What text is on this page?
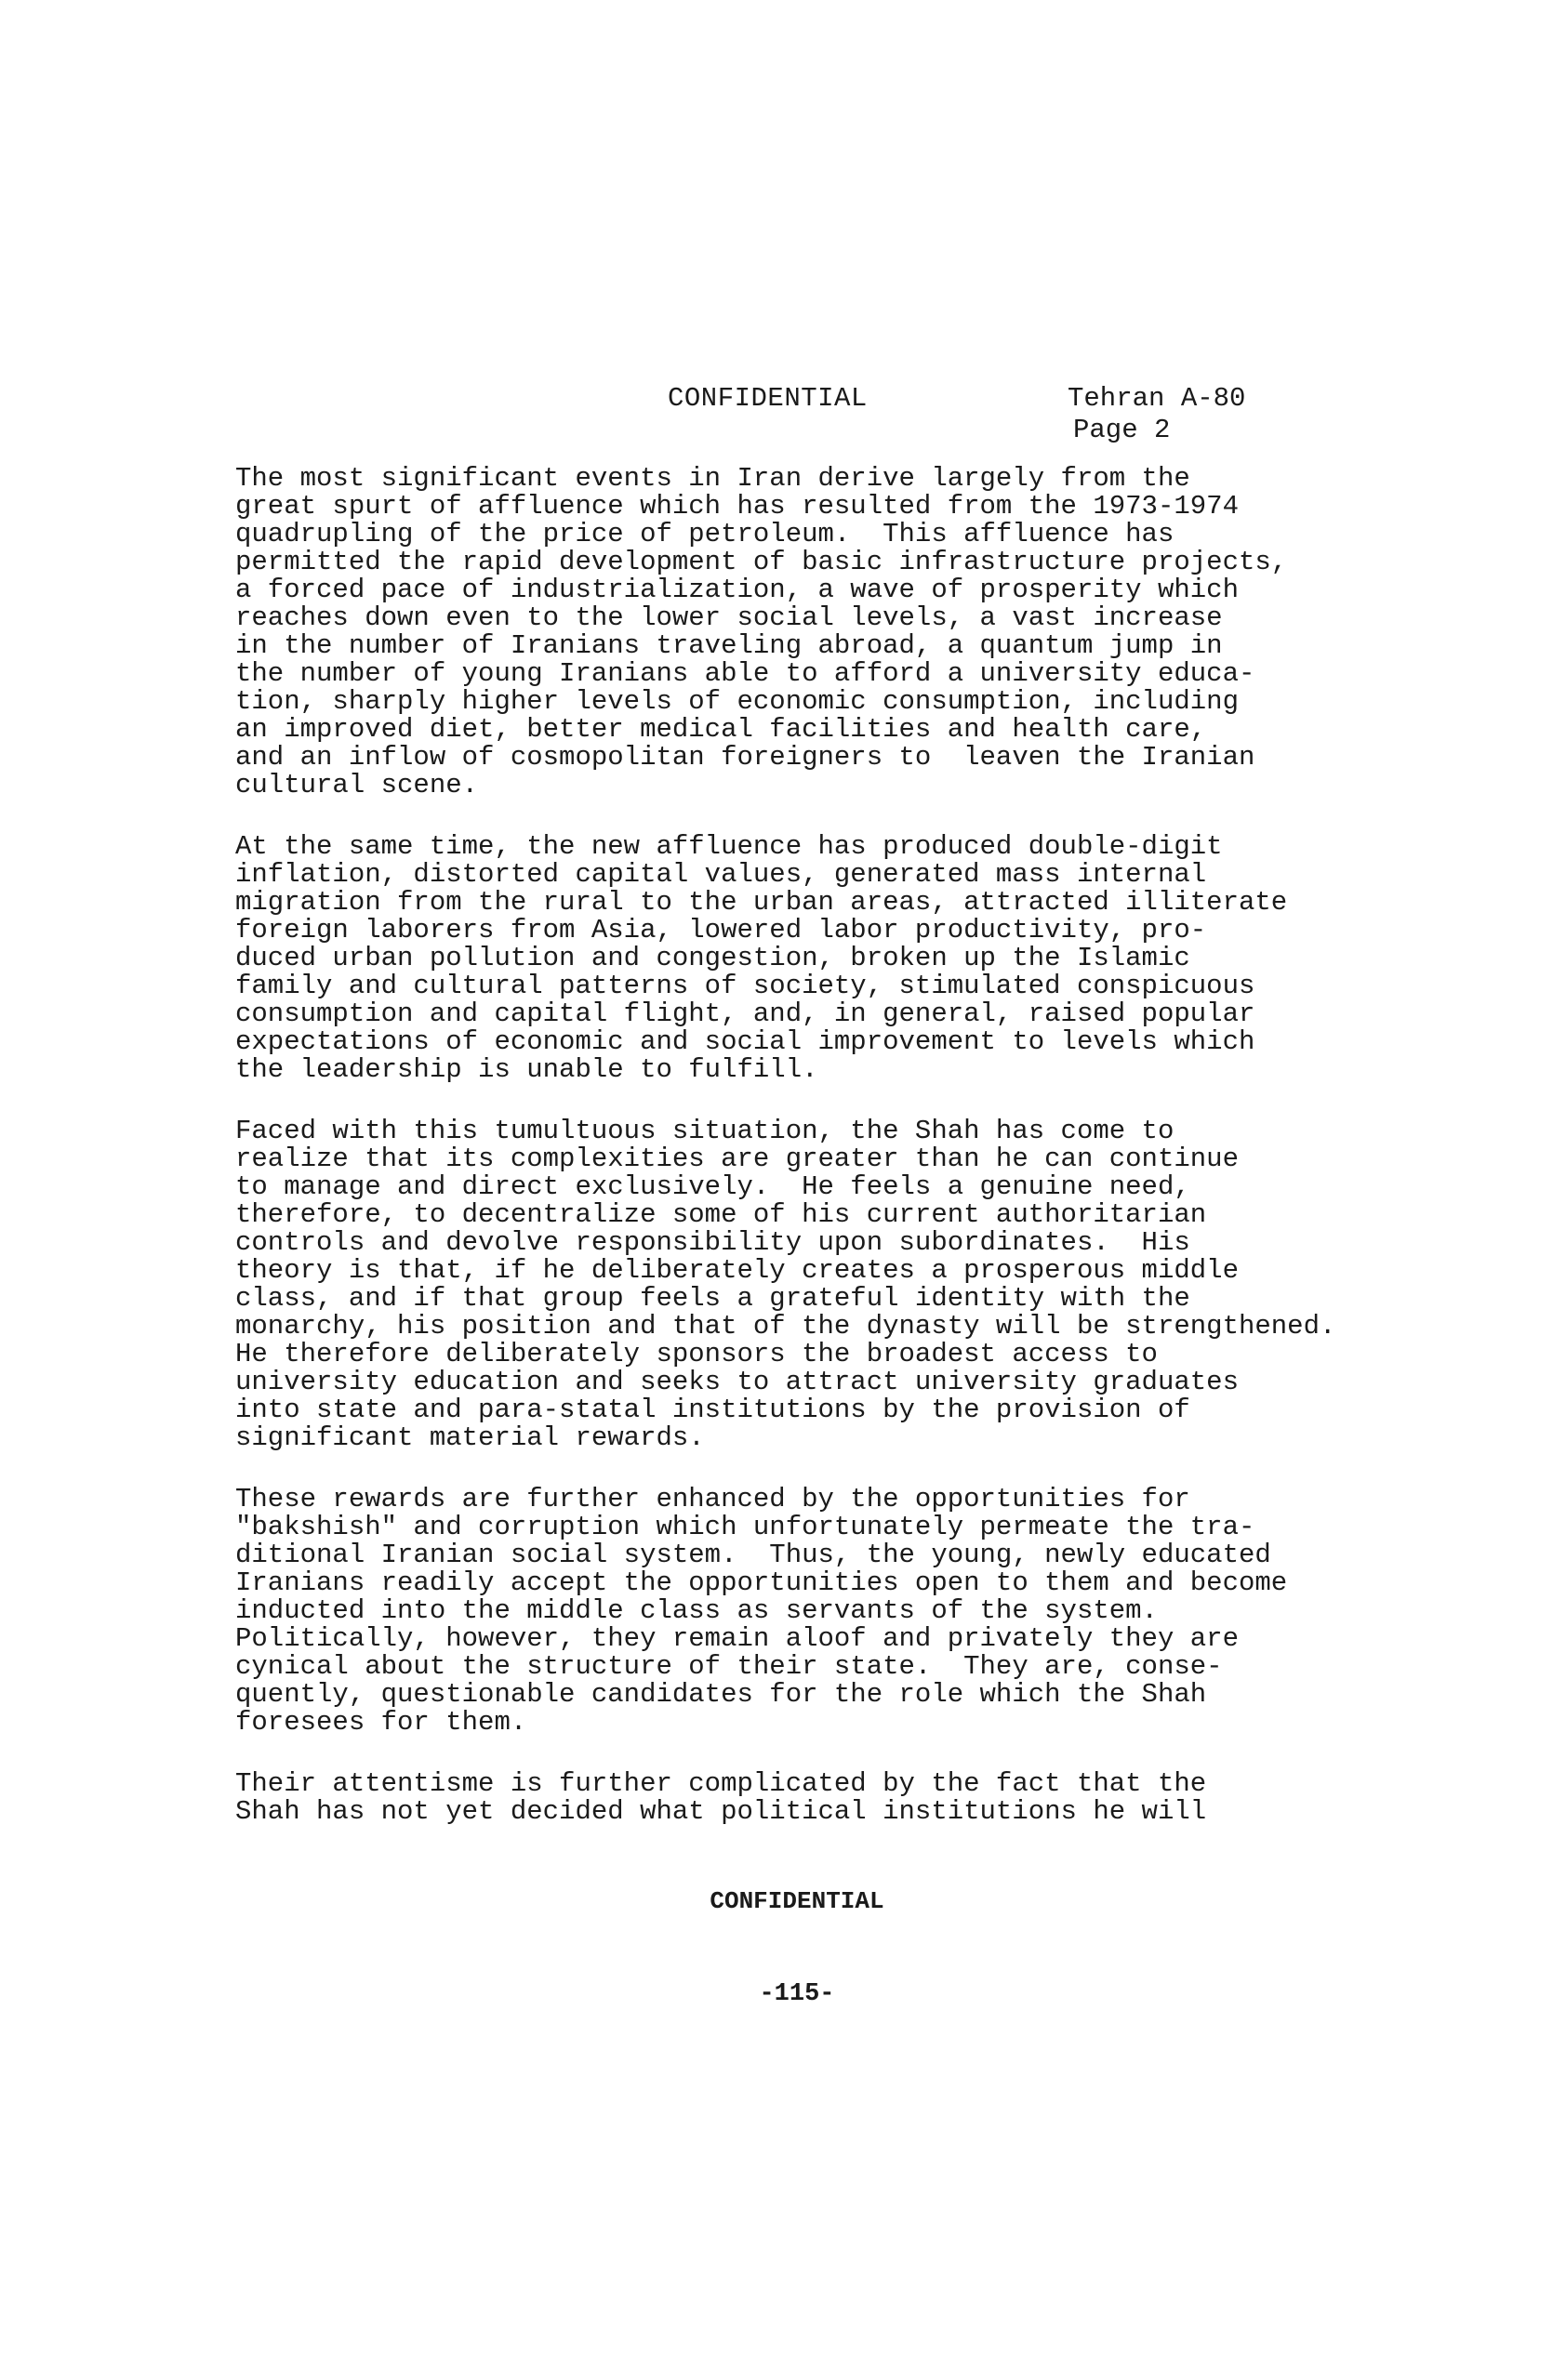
CONFIDENTIAL	Tehran A-80
Page 2
The most significant events in Iran derive largely from the
great spurt of affluence which has resulted from the 1973-1974
quadrupling of the price of petroleum.  This affluence has
permitted the rapid development of basic infrastructure projects,
a forced pace of industrialization, a wave of prosperity which
reaches down even to the lower social levels, a vast increase
in the number of Iranians traveling abroad, a quantum jump in
the number of young Iranians able to afford a university educa-
tion, sharply higher levels of economic consumption, including
an improved diet, better medical facilities and health care,
and an inflow of cosmopolitan foreigners to  leaven the Iranian
cultural scene.
At the same time, the new affluence has produced double-digit
inflation, distorted capital values, generated mass internal
migration from the rural to the urban areas, attracted illiterate
foreign laborers from Asia, lowered labor productivity, pro-
duced urban pollution and congestion, broken up the Islamic
family and cultural patterns of society, stimulated conspicuous
consumption and capital flight, and, in general, raised popular
expectations of economic and social improvement to levels which
the leadership is unable to fulfill.
Faced with this tumultuous situation, the Shah has come to
realize that its complexities are greater than he can continue
to manage and direct exclusively.  He feels a genuine need,
therefore, to decentralize some of his current authoritarian
controls and devolve responsibility upon subordinates.  His
theory is that, if he deliberately creates a prosperous middle
class, and if that group feels a grateful identity with the
monarchy, his position and that of the dynasty will be strengthened.
He therefore deliberately sponsors the broadest access to
university education and seeks to attract university graduates
into state and para-statal institutions by the provision of
significant material rewards.
These rewards are further enhanced by the opportunities for
"bakshish" and corruption which unfortunately permeate the tra-
ditional Iranian social system.  Thus, the young, newly educated
Iranians readily accept the opportunities open to them and become
inducted into the middle class as servants of the system.
Politically, however, they remain aloof and privately they are
cynical about the structure of their state.  They are, conse-
quently, questionable candidates for the role which the Shah
foresees for them.
Their attentisme is further complicated by the fact that the
Shah has not yet decided what political institutions he will
CONFIDENTIAL
-115-
